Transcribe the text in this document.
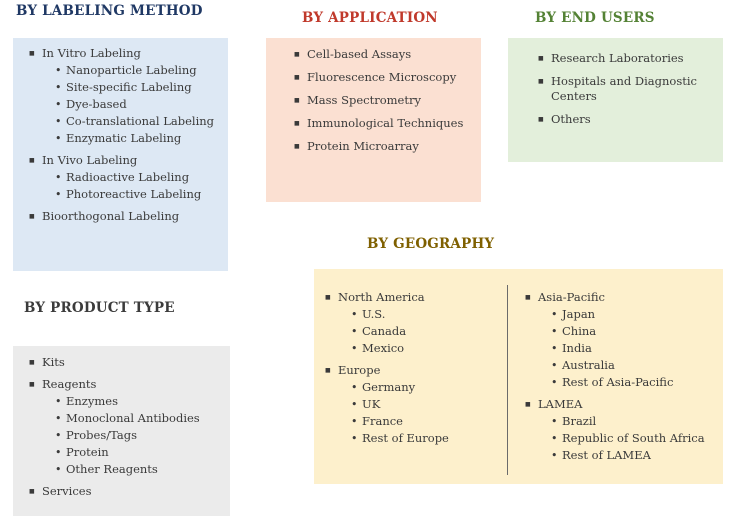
BY LABELING METHOD	BY APPLICATION	BY END USERS
BY GEOGRAPHY
BY PRODUCT TYPE
■ In Vitro Labeling
• Nanoparticle Labeling
• Site-specific Labeling
• Dye-based
• Co-translational Labeling
• Enzymatic Labeling
■ In Vivo Labeling
• Radioactive Labeling
• Photoreactive Labeling
■ Bioorthogonal Labeling
■ Cell-based Assays
■ Fluorescence Microscopy
■ Mass Spectrometry
■ Immunological Techniques
■ Protein Microarray
■ Research Laboratories
■ Hospitals and Diagnostic Centers
■ Others
■ Kits
■ Reagents
• Enzymes
• Monoclonal Antibodies
• Probes/Tags
• Protein
• Other Reagents
■ Services
■ North America
• U.S.
• Canada
• Mexico
■ Europe
• Germany
• UK
• France
• Rest of Europe
■ Asia-Pacific
• Japan
• China
• India
• Australia
• Rest of Asia-Pacific
■ LAMEA
• Brazil
• Republic of South Africa
• Rest of LAMEA
